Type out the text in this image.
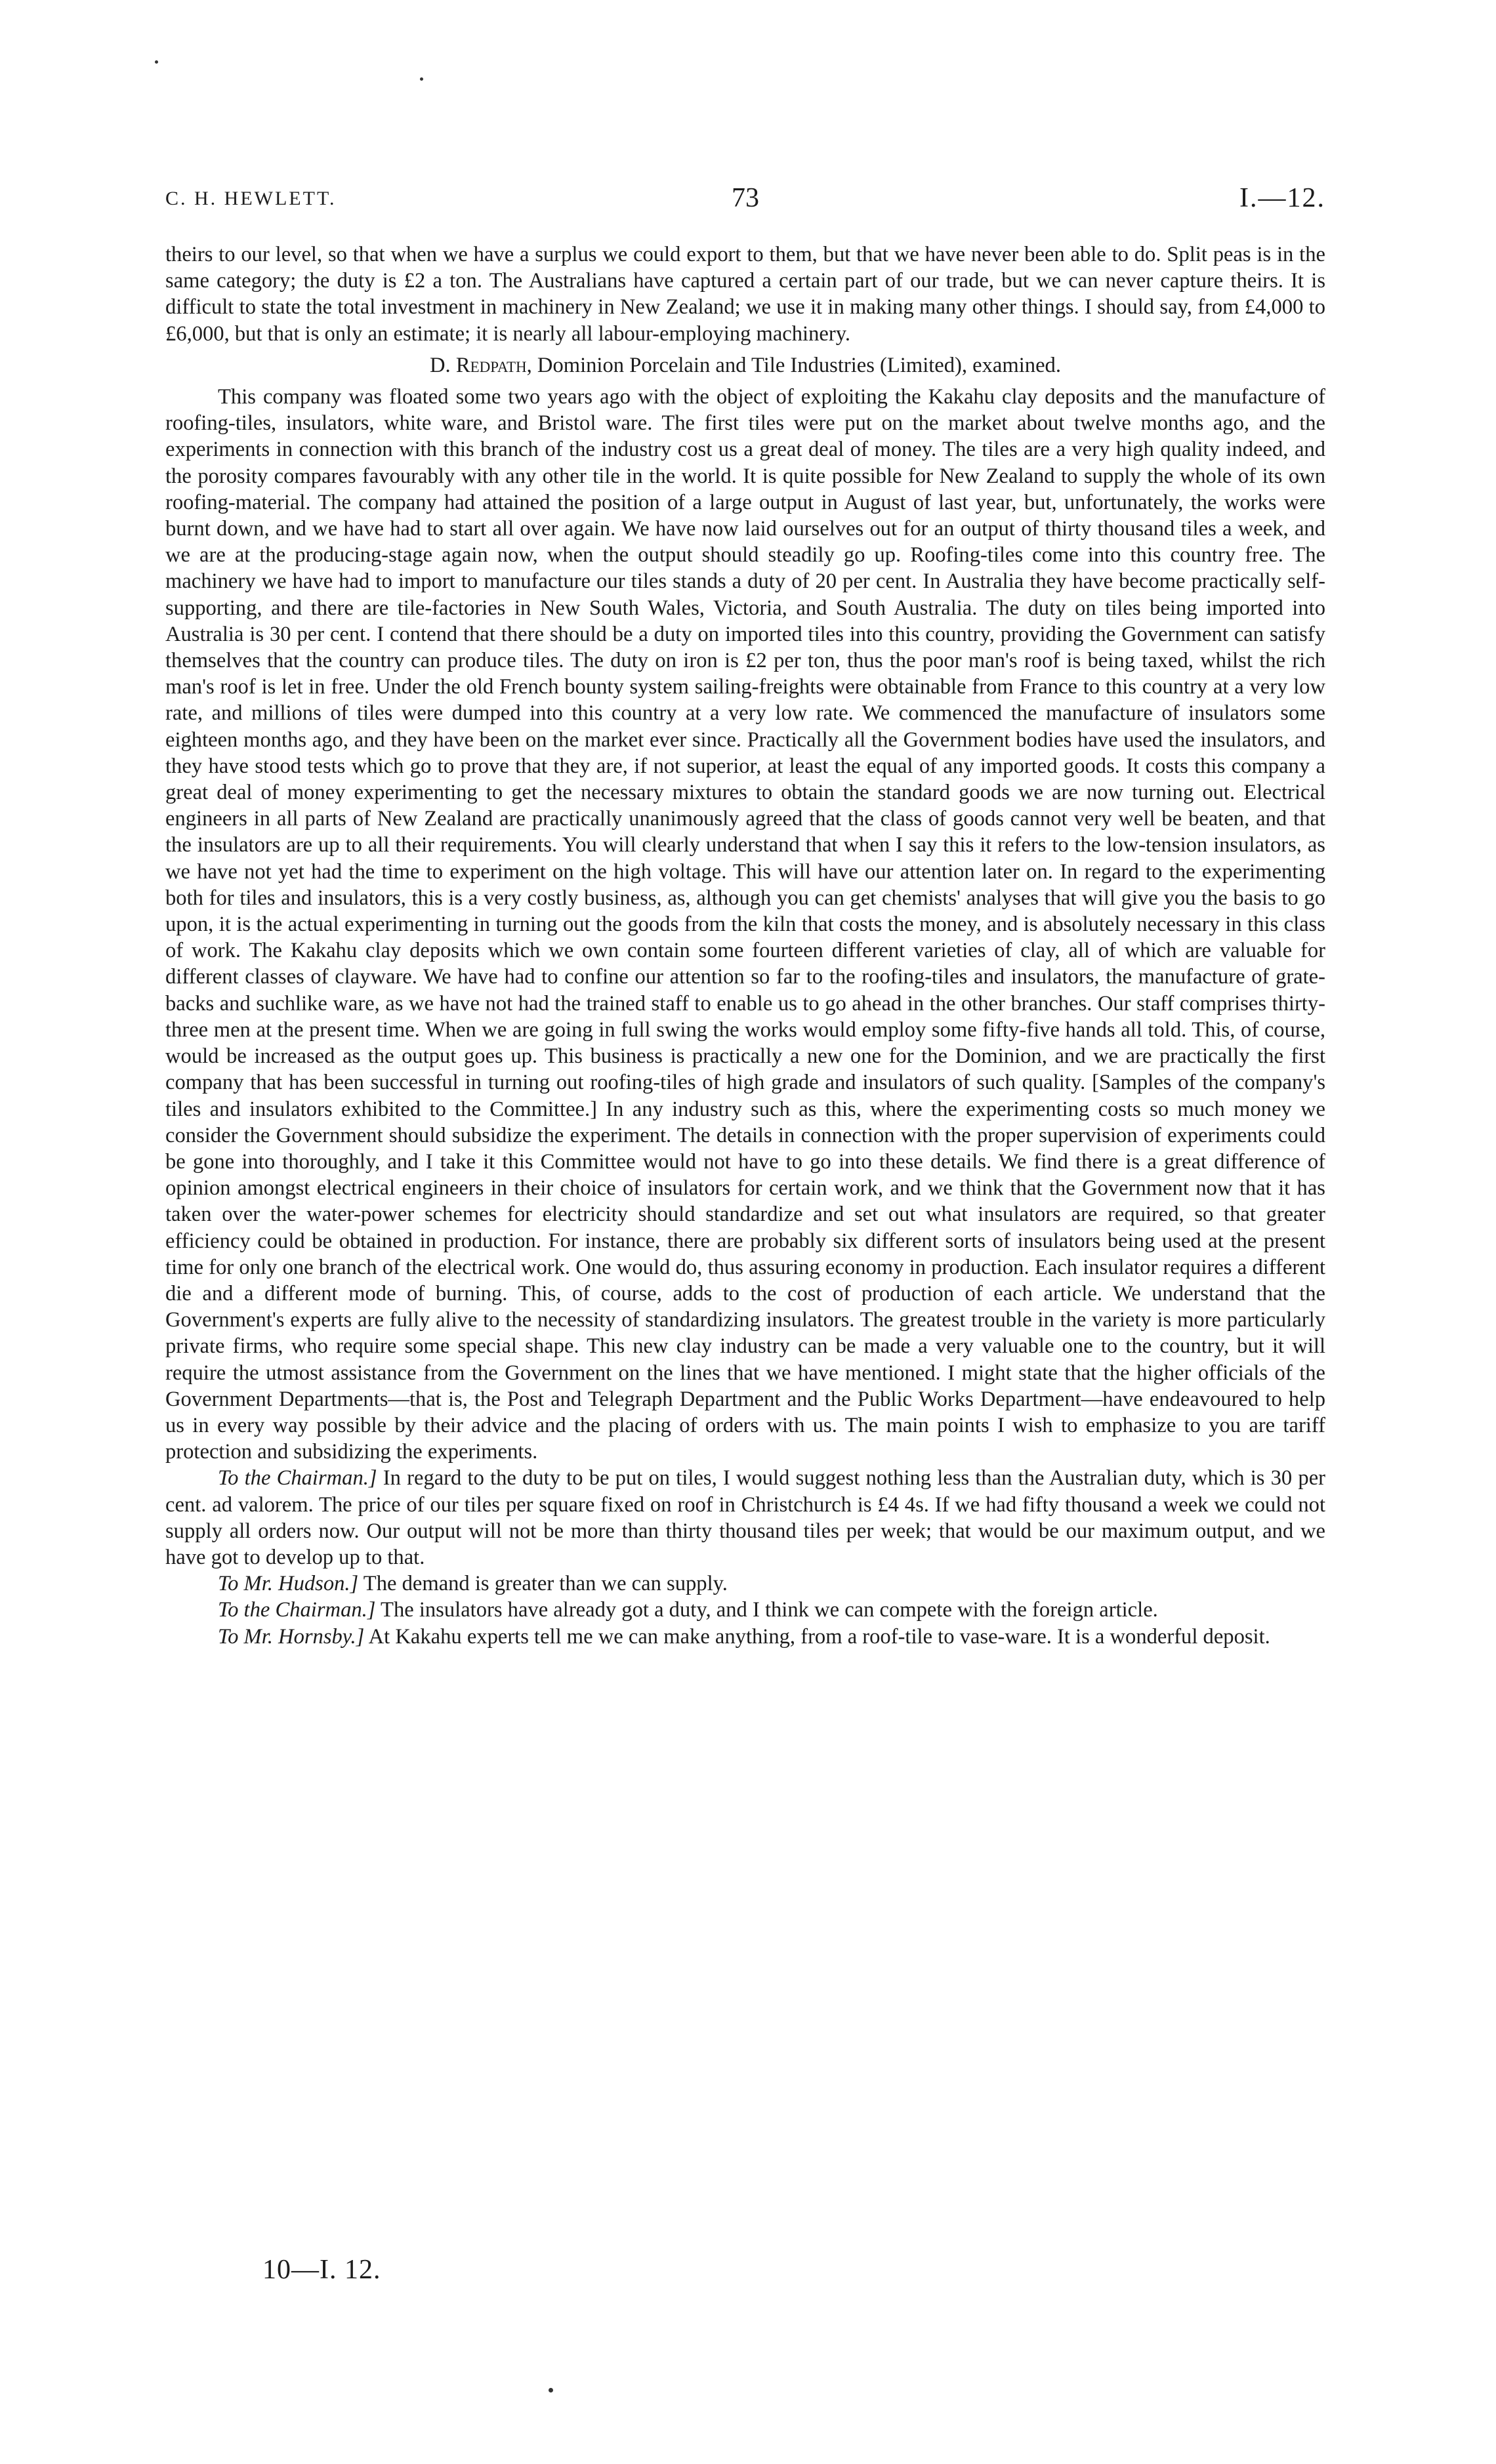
C. H. HEWLETT.	73	I.—12.

theirs to our level, so that when we have a surplus we could export to them, but that we have never been able to do. Split peas is in the same category; the duty is £2 a ton. The Australians have captured a certain part of our trade, but we can never capture theirs. It is difficult to state the total investment in machinery in New Zealand; we use it in making many other things. I should say, from £4,000 to £6,000, but that is only an estimate; it is nearly all labour-employing machinery.

D. Redpath, Dominion Porcelain and Tile Industries (Limited), examined.

This company was floated some two years ago with the object of exploiting the Kakahu clay deposits and the manufacture of roofing-tiles, insulators, white ware, and Bristol ware. The first tiles were put on the market about twelve months ago, and the experiments in connection with this branch of the industry cost us a great deal of money. The tiles are a very high quality indeed, and the porosity compares favourably with any other tile in the world. It is quite possible for New Zealand to supply the whole of its own roofing-material. The company had attained the position of a large output in August of last year, but, unfortunately, the works were burnt down, and we have had to start all over again. We have now laid ourselves out for an output of thirty thousand tiles a week, and we are at the producing-stage again now, when the output should steadily go up. Roofing-tiles come into this country free. The machinery we have had to import to manufacture our tiles stands a duty of 20 per cent. In Australia they have become practically self-supporting, and there are tile-factories in New South Wales, Victoria, and South Australia. The duty on tiles being imported into Australia is 30 per cent. I contend that there should be a duty on imported tiles into this country, providing the Government can satisfy themselves that the country can produce tiles. The duty on iron is £2 per ton, thus the poor man's roof is being taxed, whilst the rich man's roof is let in free. Under the old French bounty system sailing-freights were obtainable from France to this country at a very low rate, and millions of tiles were dumped into this country at a very low rate. We commenced the manufacture of insulators some eighteen months ago, and they have been on the market ever since. Practically all the Government bodies have used the insulators, and they have stood tests which go to prove that they are, if not superior, at least the equal of any imported goods. It costs this company a great deal of money experimenting to get the necessary mixtures to obtain the standard goods we are now turning out. Electrical engineers in all parts of New Zealand are practically unanimously agreed that the class of goods cannot very well be beaten, and that the insulators are up to all their requirements. You will clearly understand that when I say this it refers to the low-tension insulators, as we have not yet had the time to experiment on the high voltage. This will have our attention later on. In regard to the experimenting both for tiles and insulators, this is a very costly business, as, although you can get chemists' analyses that will give you the basis to go upon, it is the actual experimenting in turning out the goods from the kiln that costs the money, and is absolutely necessary in this class of work. The Kakahu clay deposits which we own contain some fourteen different varieties of clay, all of which are valuable for different classes of clayware. We have had to confine our attention so far to the roofing-tiles and insulators, the manufacture of grate-backs and suchlike ware, as we have not had the trained staff to enable us to go ahead in the other branches. Our staff comprises thirty-three men at the present time. When we are going in full swing the works would employ some fifty-five hands all told. This, of course, would be increased as the output goes up. This business is practically a new one for the Dominion, and we are practically the first company that has been successful in turning out roofing-tiles of high grade and insulators of such quality. [Samples of the company's tiles and insulators exhibited to the Committee.] In any industry such as this, where the experimenting costs so much money we consider the Government should subsidize the experiment. The details in connection with the proper supervision of experiments could be gone into thoroughly, and I take it this Committee would not have to go into these details. We find there is a great difference of opinion amongst electrical engineers in their choice of insulators for certain work, and we think that the Government now that it has taken over the water-power schemes for electricity should standardize and set out what insulators are required, so that greater efficiency could be obtained in production. For instance, there are probably six different sorts of insulators being used at the present time for only one branch of the electrical work. One would do, thus assuring economy in production. Each insulator requires a different die and a different mode of burning. This, of course, adds to the cost of production of each article. We understand that the Government's experts are fully alive to the necessity of standardizing insulators. The greatest trouble in the variety is more particularly private firms, who require some special shape. This new clay industry can be made a very valuable one to the country, but it will require the utmost assistance from the Government on the lines that we have mentioned. I might state that the higher officials of the Government Departments—that is, the Post and Telegraph Department and the Public Works Department—have endeavoured to help us in every way possible by their advice and the placing of orders with us. The main points I wish to emphasize to you are tariff protection and subsidizing the experiments.

To the Chairman.] In regard to the duty to be put on tiles, I would suggest nothing less than the Australian duty, which is 30 per cent. ad valorem. The price of our tiles per square fixed on roof in Christchurch is £4 4s. If we had fifty thousand a week we could not supply all orders now. Our output will not be more than thirty thousand tiles per week; that would be our maximum output, and we have got to develop up to that.

To Mr. Hudson.] The demand is greater than we can supply.

To the Chairman.] The insulators have already got a duty, and I think we can compete with the foreign article.

To Mr. Hornsby.] At Kakahu experts tell me we can make anything, from a roof-tile to vase-ware. It is a wonderful deposit.

10—I. 12.
